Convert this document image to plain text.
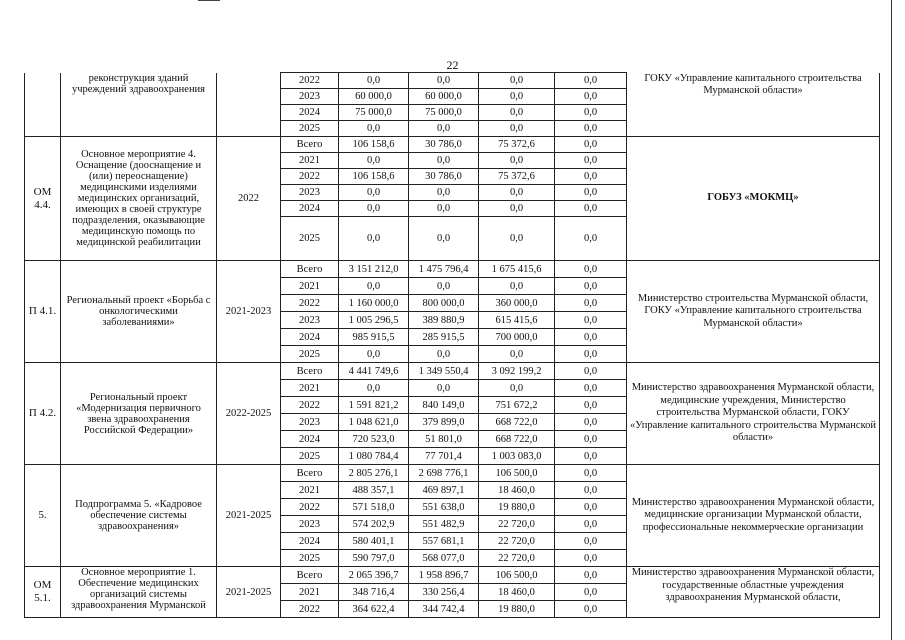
22
	реконструкция зданий учреждений здравоохранения		2022	0,0	0,0	0,0	0,0	ГОКУ «Управление капитального строительства Мурманской области»
			2023	60 000,0	60 000,0	0,0	0,0	
			2024	75 000,0	75 000,0	0,0	0,0	
			2025	0,0	0,0	0,0	0,0	
ОМ 4.4.	Основное мероприятие 4. Оснащение (дооснащение и (или) переоснащение) медицинскими изделиями медицинских организаций, имеющих в своей структуре подразделения, оказывающие медицинскую помощь по медицинской реабилитации	2022	Всего	106 158,6	30 786,0	75 372,6	0,0	ГОБУЗ «МОКМЦ»
			2021	0,0	0,0	0,0	0,0	
			2022	106 158,6	30 786,0	75 372,6	0,0	
			2023	0,0	0,0	0,0	0,0	
			2024	0,0	0,0	0,0	0,0	
			2025	0,0	0,0	0,0	0,0	
П 4.1.	Региональный проект «Борьба с онкологическими заболеваниями»	2021-2023	Всего	3 151 212,0	1 475 796,4	1 675 415,6	0,0	Министерство строительства Мурманской области, ГОКУ «Управление капитального строительства Мурманской области»
			2021	0,0	0,0	0,0	0,0	
			2022	1 160 000,0	800 000,0	360 000,0	0,0	
			2023	1 005 296,5	389 880,9	615 415,6	0,0	
			2024	985 915,5	285 915,5	700 000,0	0,0	
			2025	0,0	0,0	0,0	0,0	
П 4.2.	Региональный проект «Модернизация первичного звена здравоохранения Российской Федерации»	2022-2025	Всего	4 441 749,6	1 349 550,4	3 092 199,2	0,0	Министерство здравоохранения Мурманской области, медицинские учреждения, Министерство строительства Мурманской области, ГОКУ «Управление капитального строительства Мурманской области»
			2021	0,0	0,0	0,0	0,0	
			2022	1 591 821,2	840 149,0	751 672,2	0,0	
			2023	1 048 621,0	379 899,0	668 722,0	0,0	
			2024	720 523,0	51 801,0	668 722,0	0,0	
			2025	1 080 784,4	77 701,4	1 003 083,0	0,0	
5.	Подпрограмма 5. «Кадровое обеспечение системы здравоохранения»	2021-2025	Всего	2 805 276,1	2 698 776,1	106 500,0	0,0	Министерство здравоохранения Мурманской области, медицинские организации Мурманской области, профессиональные некоммерческие организации
			2021	488 357,1	469 897,1	18 460,0	0,0	
			2022	571 518,0	551 638,0	19 880,0	0,0	
			2023	574 202,9	551 482,9	22 720,0	0,0	
			2024	580 401,1	557 681,1	22 720,0	0,0	
			2025	590 797,0	568 077,0	22 720,0	0,0	
ОМ 5.1.	Основное мероприятие 1. Обеспечение медицинских организаций системы здравоохранения Мурманской	2021-2025	Всего	2 065 396,7	1 958 896,7	106 500,0	0,0	Министерство здравоохранения Мурманской области, государственные областные учреждения здравоохранения Мурманской области,
			2021	348 716,4	330 256,4	18 460,0	0,0	
			2022	364 622,4	344 742,4	19 880,0	0,0	
